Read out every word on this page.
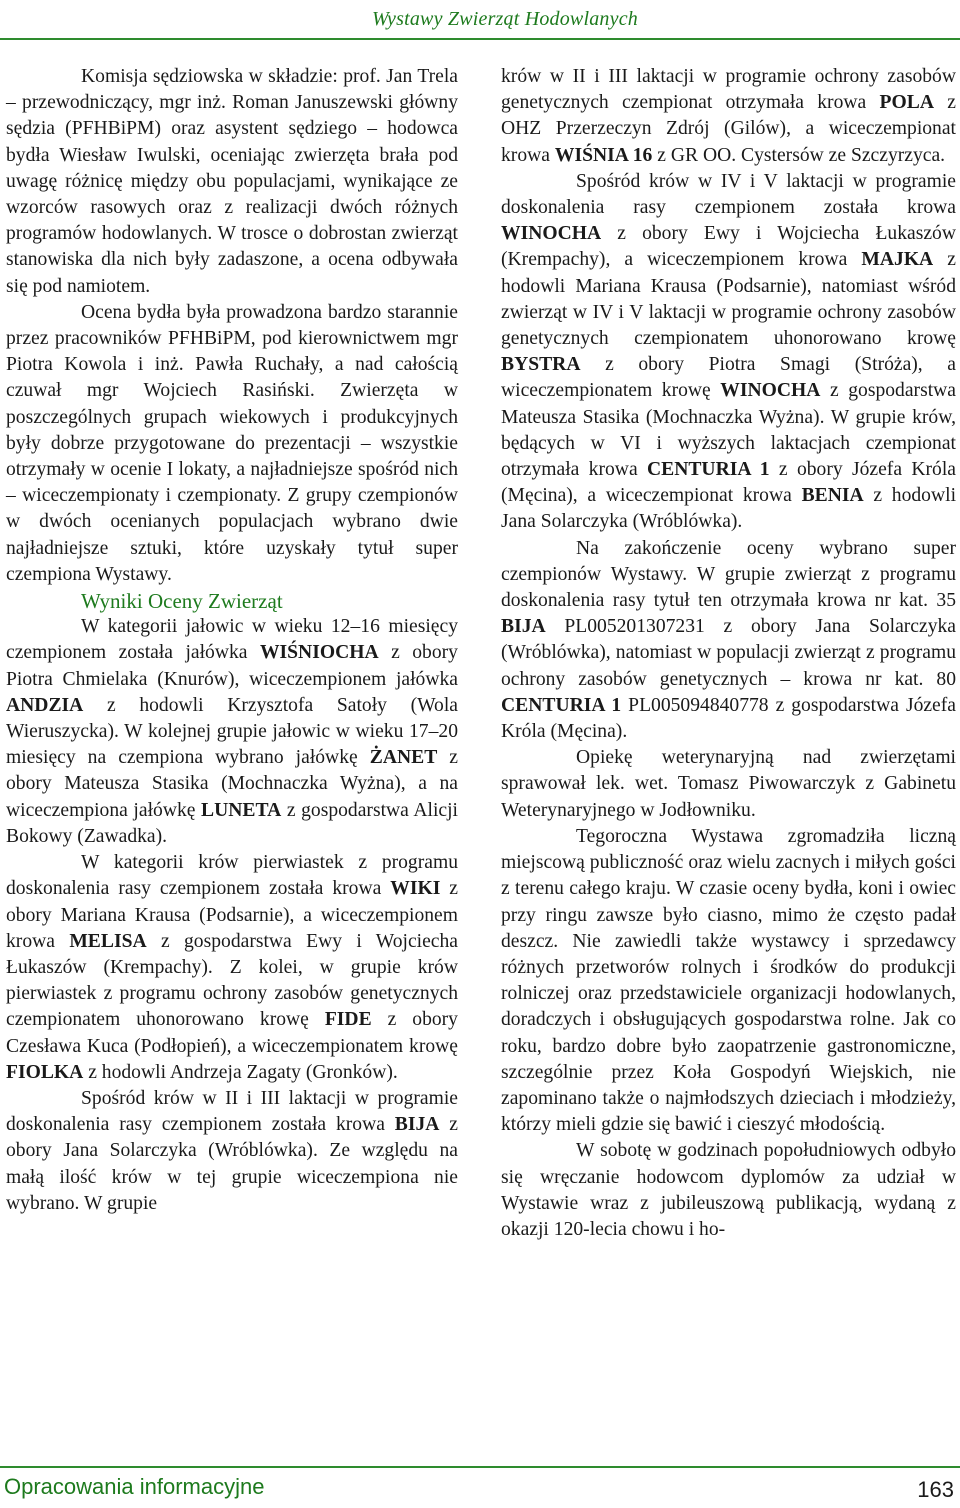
Wystawy Zwierząt Hodowlanych

Komisja sędziowska w składzie: prof. Jan Trela – przewodniczący, mgr inż. Roman Januszewski główny sędzia (PFHBiPM) oraz asystent sędziego – hodowca bydła Wiesław Iwulski, oceniając zwierzęta brała pod uwagę różnicę między obu populacjami, wynikające ze wzorców rasowych oraz z realizacji dwóch różnych programów hodowlanych. W trosce o dobrostan zwierząt stanowiska dla nich były zadaszone, a ocena odbywała się pod namiotem.

Ocena bydła była prowadzona bardzo starannie przez pracowników PFHBiPM, pod kierownictwem mgr Piotra Kowola i inż. Pawła Ruchały, a nad całością czuwał mgr Wojciech Rasiński. Zwierzęta w poszczególnych grupach wiekowych i produkcyjnych były dobrze przygotowane do prezentacji – wszystkie otrzymały w ocenie I lokaty, a najładniejsze spośród nich – wiceczempionaty i czempionaty. Z grupy czempionów w dwóch ocenianych populacjach wybrano dwie najładniejsze sztuki, które uzyskały tytuł super czempiona Wystawy.

Wyniki Oceny Zwierząt

W kategorii jałowic w wieku 12–16 miesięcy czempionem została jałówka WIŚNIOCHA z obory Piotra Chmielaka (Knurów), wiceczempionem jałówka ANDZIA z hodowli Krzysztofa Satoły (Wola Wieruszycka). W kolejnej grupie jałowic w wieku 17–20 miesięcy na czempiona wybrano jałówkę ŻANET z obory Mateusza Stasika (Mochnaczka Wyżna), a na wiceczempiona jałówkę LUNETA z gospodarstwa Alicji Bokowy (Zawadka).

W kategorii krów pierwiastek z programu doskonalenia rasy czempionem została krowa WIKI z obory Mariana Krausa (Podsarnie), a wiceczempionem krowa MELISA z gospodarstwa Ewy i Wojciecha Łukaszów (Krempachy). Z kolei, w grupie krów pierwiastek z programu ochrony zasobów genetycznych czempionatem uhonorowano krowę FIDE z obory Czesława Kuca (Podłopień), a wiceczempionatem krowę FIOLKA z hodowli Andrzeja Zagaty (Gronków).

Spośród krów w II i III laktacji w programie doskonalenia rasy czempionem została krowa BIJA z obory Jana Solarczyka (Wróblówka). Ze względu na małą ilość krów w tej grupie wiceczempiona nie wybrano. W grupie

krów w II i III laktacji w programie ochrony zasobów genetycznych czempionat otrzymała krowa POLA z OHZ Przerzeczyn Zdrój (Gilów), a wiceczempionat krowa WIŚNIA 16 z GR OO. Cystersów ze Szczyrzyca.

Spośród krów w IV i V laktacji w programie doskonalenia rasy czempionem została krowa WINOCHA z obory Ewy i Wojciecha Łukaszów (Krempachy), a wiceczempionem krowa MAJKA z hodowli Mariana Krausa (Podsarnie), natomiast wśród zwierząt w IV i V laktacji w programie ochrony zasobów genetycznych czempionatem uhonorowano krowę BYSTRA z obory Piotra Smagi (Stróża), a wiceczempionatem krowę WINOCHA z gospodarstwa Mateusza Stasika (Mochnaczka Wyżna). W grupie krów, będących w VI i wyższych laktacjach czempionat otrzymała krowa CENTURIA 1 z obory Józefa Króla (Męcina), a wiceczempionat krowa BENIA z hodowli Jana Solarczyka (Wróblówka).

Na zakończenie oceny wybrano super czempionów Wystawy. W grupie zwierząt z programu doskonalenia rasy tytuł ten otrzymała krowa nr kat. 35 BIJA PL005201307231 z obory Jana Solarczyka (Wróblówka), natomiast w populacji zwierząt z programu ochrony zasobów genetycznych – krowa nr kat. 80 CENTURIA 1 PL005094840778 z gospodarstwa Józefa Króla (Męcina).

Opiekę weterynaryjną nad zwierzętami sprawował lek. wet. Tomasz Piwowarczyk z Gabinetu Weterynaryjnego w Jodłowniku.

Tegoroczna Wystawa zgromadziła liczną miejscową publiczność oraz wielu zacnych i miłych gości z terenu całego kraju. W czasie oceny bydła, koni i owiec przy ringu zawsze było ciasno, mimo że często padał deszcz. Nie zawiedli także wystawcy i sprzedawcy różnych przetworów rolnych i środków do produkcji rolniczej oraz przedstawiciele organizacji hodowlanych, doradczych i obsługujących gospodarstwa rolne. Jak co roku, bardzo dobre było zaopatrzenie gastronomiczne, szczególnie przez Koła Gospodyń Wiejskich, nie zapominano także o najmłodszych dzieciach i młodzieży, którzy mieli gdzie się bawić i cieszyć młodością.

W sobotę w godzinach popołudniowych odbyło się wręczanie hodowcom dyplomów za udział w Wystawie wraz z jubileuszową publikacją, wydaną z okazji 120-lecia chowu i ho-

Opracowania informacyjne	163
